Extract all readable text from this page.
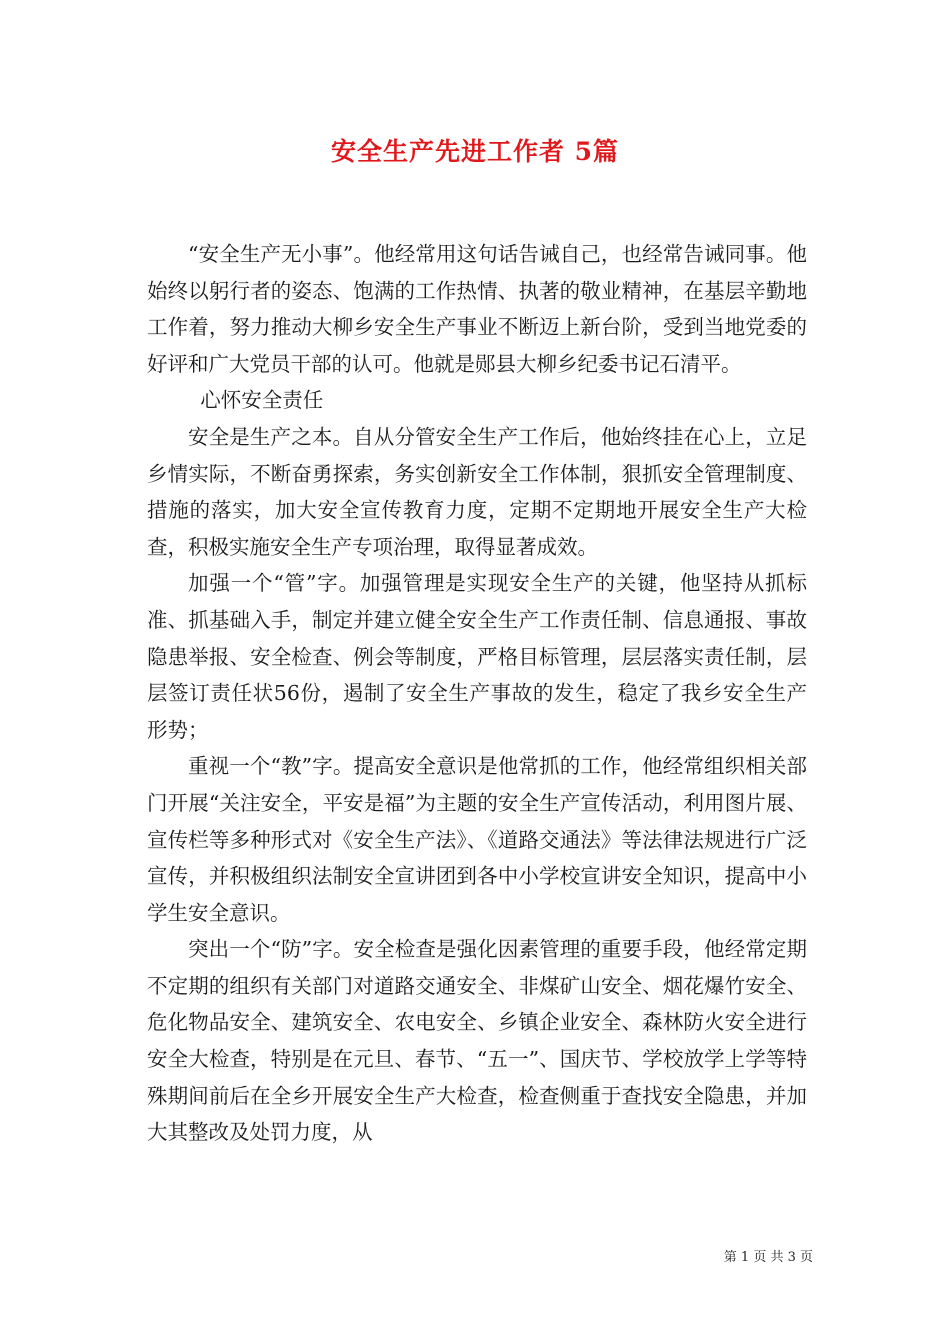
安全生产先进工作者 5篇

“安全生产无小事”。他经常用这句话告诫自己，也经常告诫同事。他始终以躬行者的姿态、饱满的工作热情、执著的敬业精神，在基层辛勤地工作着，努力推动大柳乡安全生产事业不断迈上新台阶，受到当地党委的好评和广大党员干部的认可。他就是郧县大柳乡纪委书记石清平。

心怀安全责任

安全是生产之本。自从分管安全生产工作后，他始终挂在心上，立足乡情实际，不断奋勇探索，务实创新安全工作体制，狠抓安全管理制度、措施的落实，加大安全宣传教育力度，定期不定期地开展安全生产大检查，积极实施安全生产专项治理，取得显著成效。

加强一个“管”字。加强管理是实现安全生产的关键，他坚持从抓标准、抓基础入手，制定并建立健全安全生产工作责任制、信息通报、事故隐患举报、安全检查、例会等制度，严格目标管理，层层落实责任制，层层签订责任状56份，遏制了安全生产事故的发生，稳定了我乡安全生产形势；

重视一个“教”字。提高安全意识是他常抓的工作，他经常组织相关部门开展“关注安全，平安是福”为主题的安全生产宣传活动，利用图片展、宣传栏等多种形式对《安全生产法》、《道路交通法》等法律法规进行广泛宣传，并积极组织法制安全宣讲团到各中小学校宣讲安全知识，提高中小学生安全意识。

突出一个“防”字。安全检查是强化因素管理的重要手段，他经常定期不定期的组织有关部门对道路交通安全、非煤矿山安全、烟花爆竹安全、危化物品安全、建筑安全、农电安全、乡镇企业安全、森林防火安全进行安全大检查，特别是在元旦、春节、“五一”、国庆节、学校放学上学等特殊期间前后在全乡开展安全生产大检查，检查侧重于查找安全隐患，并加大其整改及处罚力度，从

第 1 页 共 3 页
